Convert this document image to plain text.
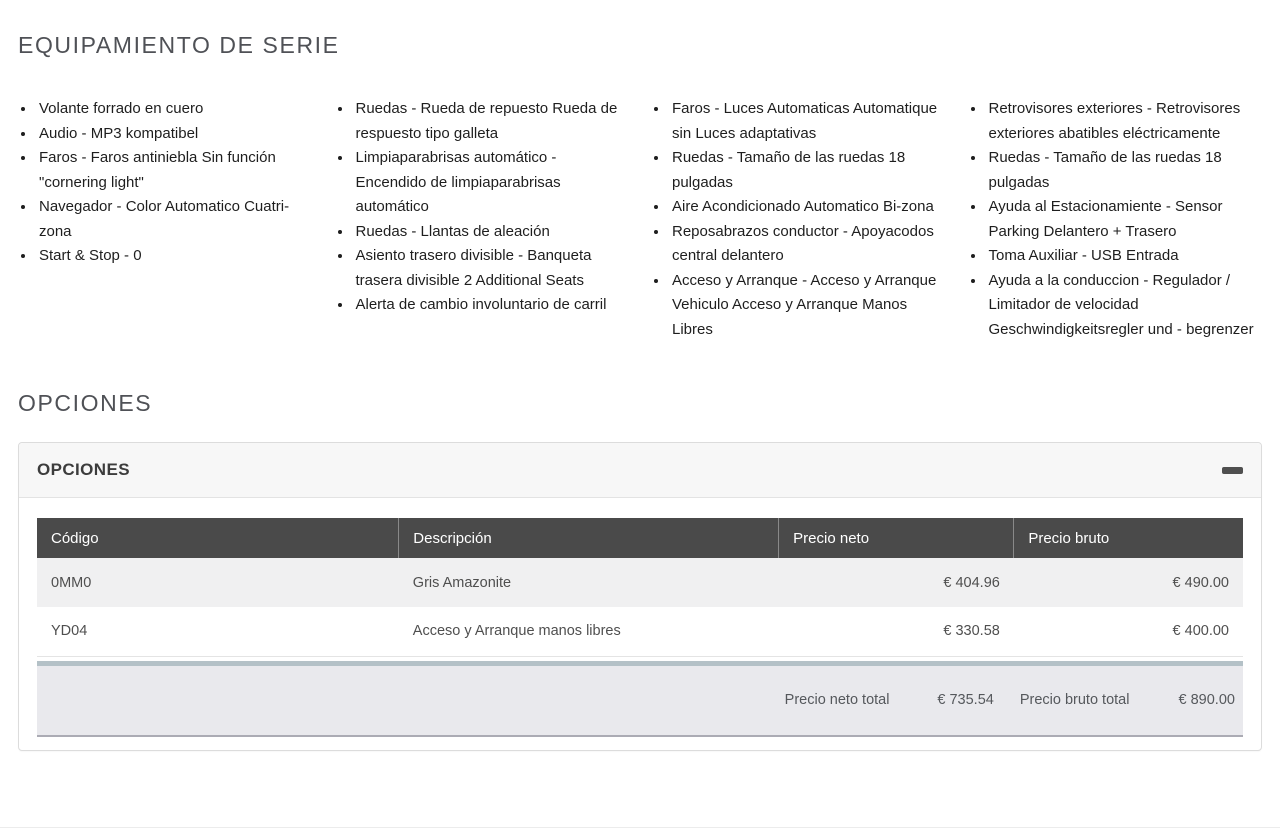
EQUIPAMIENTO DE SERIE
• Volante forrado en cuero
• Audio - MP3 kompatibel
• Faros - Faros antiniebla Sin función "cornering light"
• Navegador - Color Automatico Cuatri-zona
• Start & Stop - 0
• Ruedas - Rueda de repuesto Rueda de respuesto tipo galleta
• Limpiaparabrisas automático - Encendido de limpiaparabrisas automático
• Ruedas - Llantas de aleación
• Asiento trasero divisible - Banqueta trasera divisible 2 Additional Seats
• Alerta de cambio involuntario de carril
• Faros - Luces Automaticas Automatique sin Luces adaptativas
• Ruedas - Tamaño de las ruedas 18 pulgadas
• Aire Acondicionado Automatico Bi-zona
• Reposabrazos conductor - Apoyacodos central delantero
• Acceso y Arranque - Acceso y Arranque Vehiculo Acceso y Arranque Manos Libres
• Retrovisores exteriores - Retrovisores exteriores abatibles eléctricamente
• Ruedas - Tamaño de las ruedas 18 pulgadas
• Ayuda al Estacionamiente - Sensor Parking Delantero + Trasero
• Toma Auxiliar - USB Entrada
• Ayuda a la conduccion - Regulador / Limitador de velocidad Geschwindigkeitsregler und - begrenzer
OPCIONES
OPCIONES
Código	Descripción	Precio neto	Precio bruto
0MM0	Gris Amazonite	€ 404.96	€ 490.00
YD04	Acceso y Arranque manos libres	€ 330.58	€ 400.00
Precio neto total	€ 735.54 Precio bruto total	€ 890.00
